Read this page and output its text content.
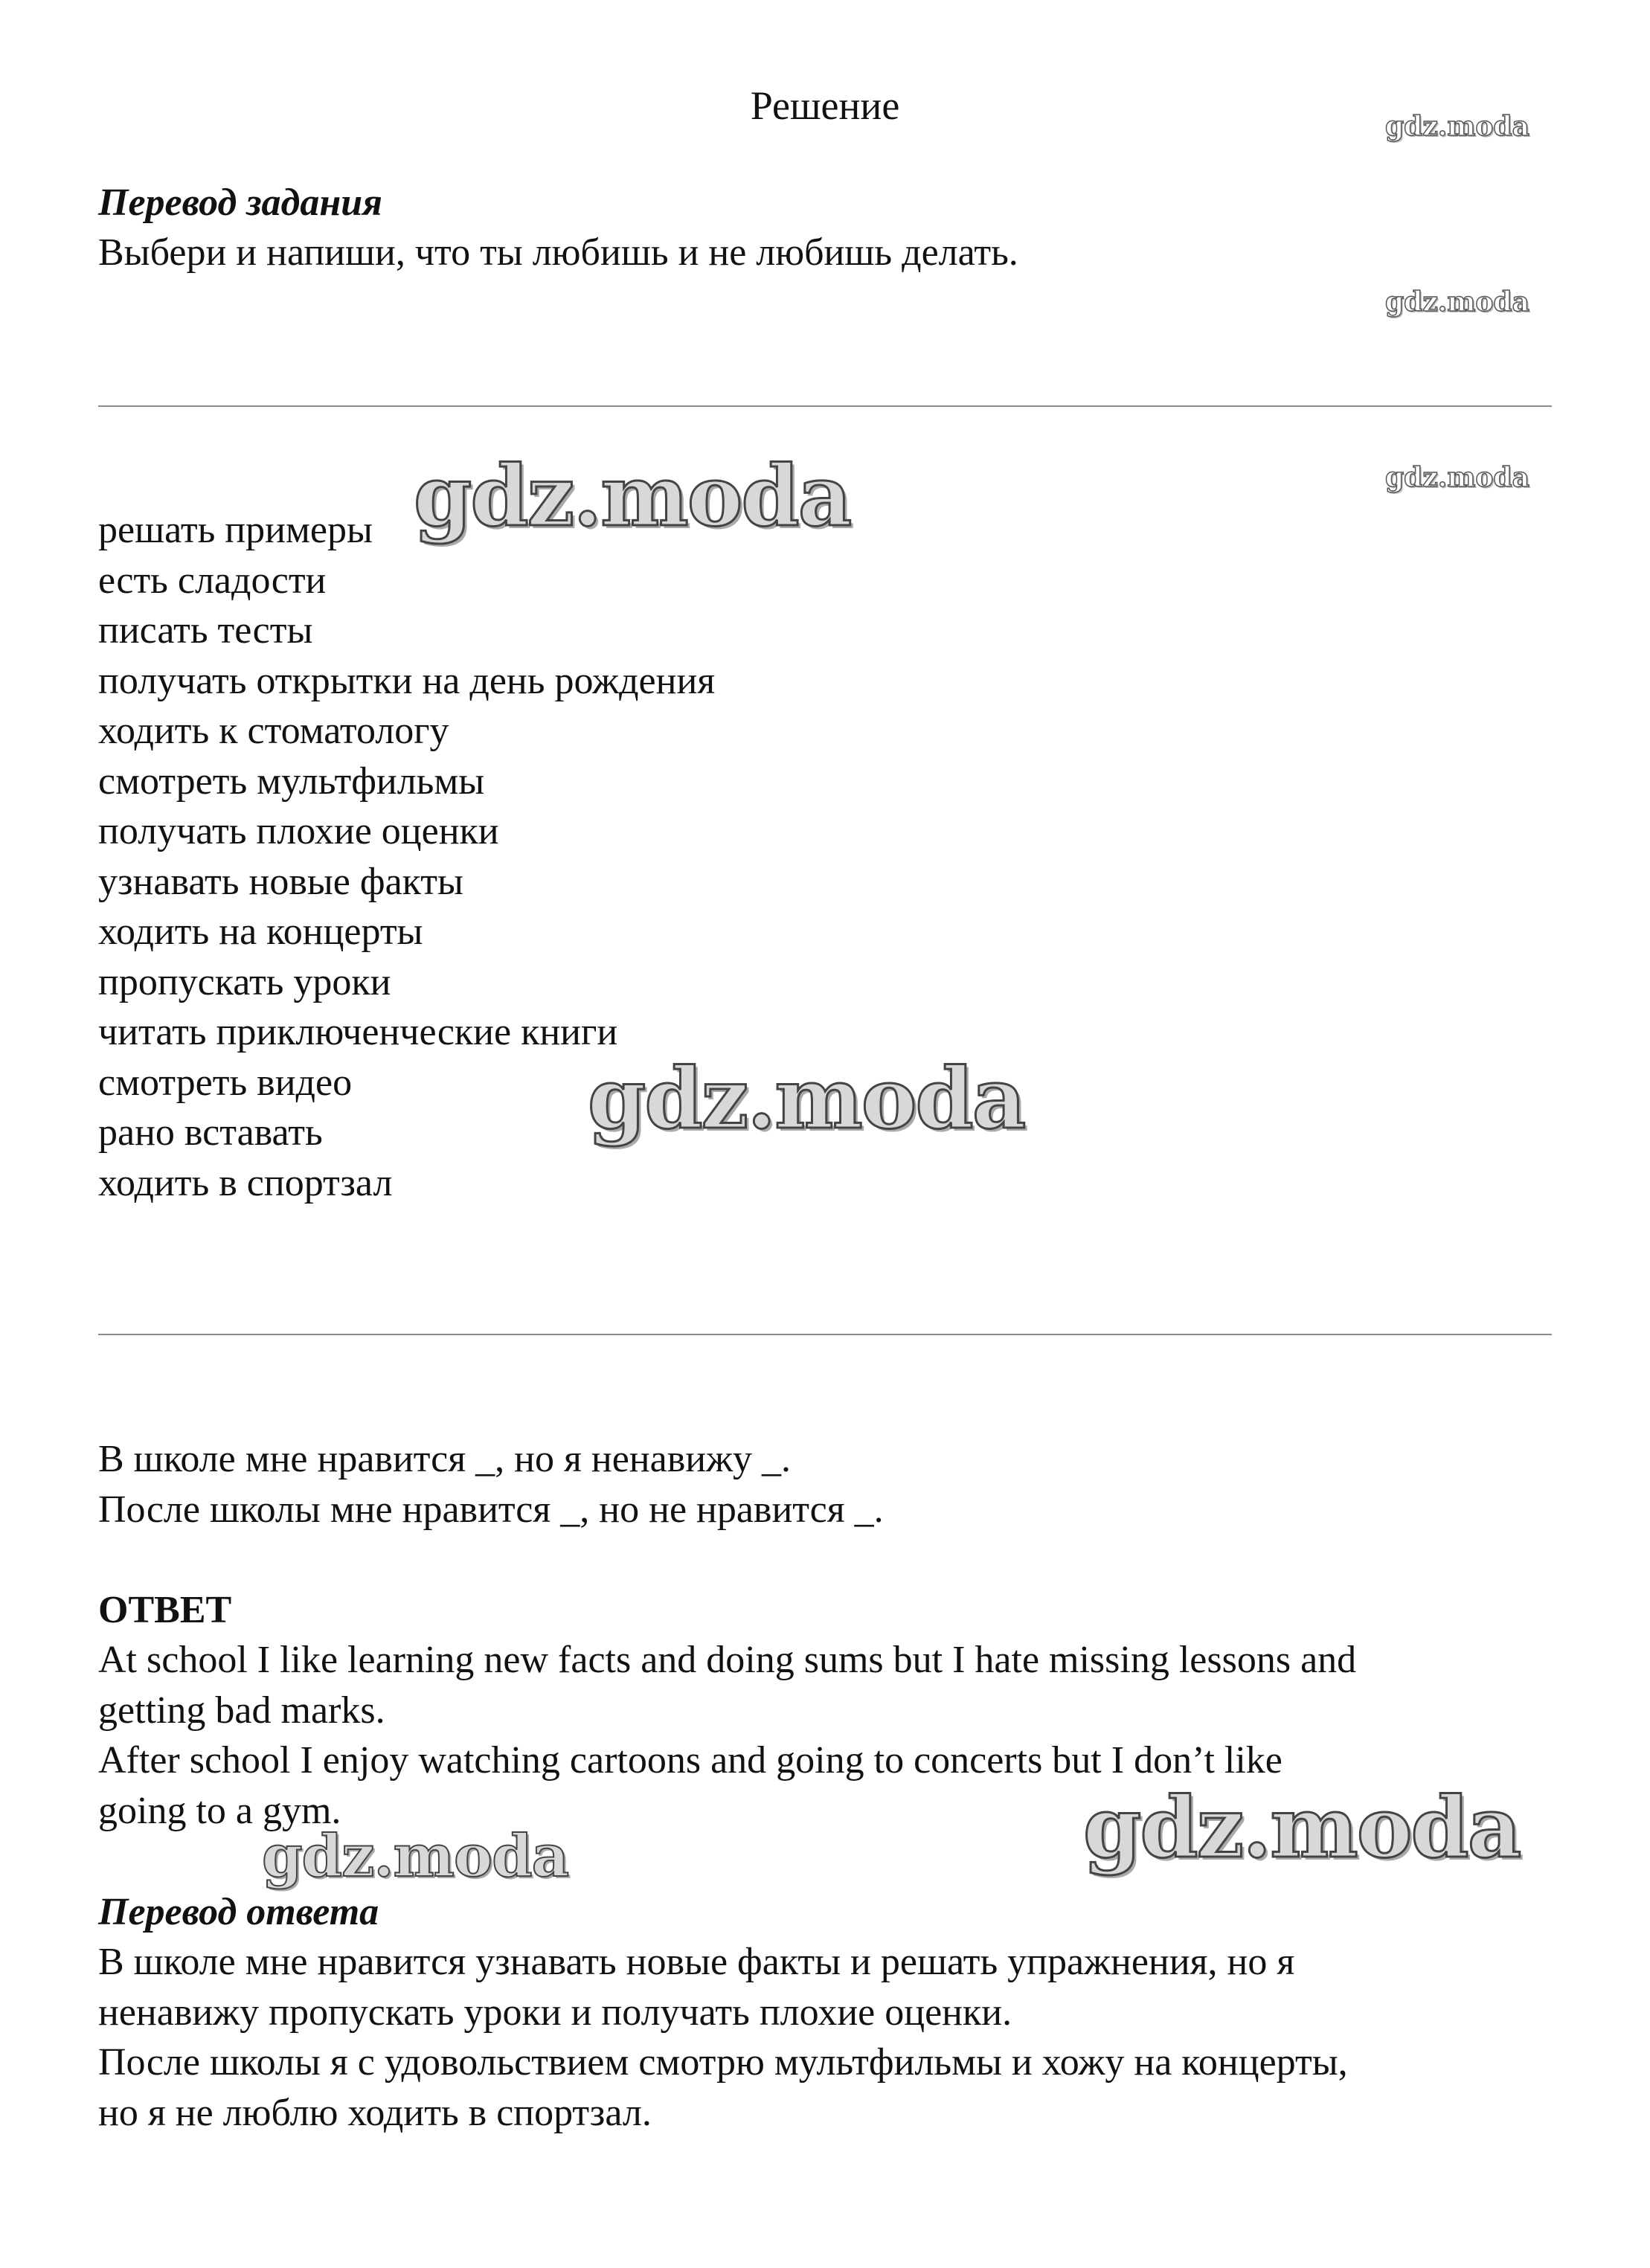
Решение	gdz.moda
gdz.moda
gdz.moda
Перевод задания
Выбери и напиши, что ты любишь и не любишь делать.
решать примеры
есть сладости
писать тесты
получать открытки на день рождения
ходить к стоматологу
смотреть мультфильмы
получать плохие оценки
узнавать новые факты
ходить на концерты
пропускать уроки
читать приключенческие книги
смотреть видео
рано вставать
ходить в спортзал
gdz.moda
gdz.moda
В школе мне нравится _, но я ненавижу _.
После школы мне нравится _, но не нравится _.
ОТВЕТ
At school I like learning new facts and doing sums but I hate missing lessons and
getting bad marks.
After school I enjoy watching cartoons and going to concerts but I don’t like
going to a gym.	gdz.moda
gdz.moda
Перевод ответа
В школе мне нравится узнавать новые факты и решать упражнения, но я
ненавижу пропускать уроки и получать плохие оценки.
После школы я с удовольствием смотрю мультфильмы и хожу на концерты,
но я не люблю ходить в спортзал.
